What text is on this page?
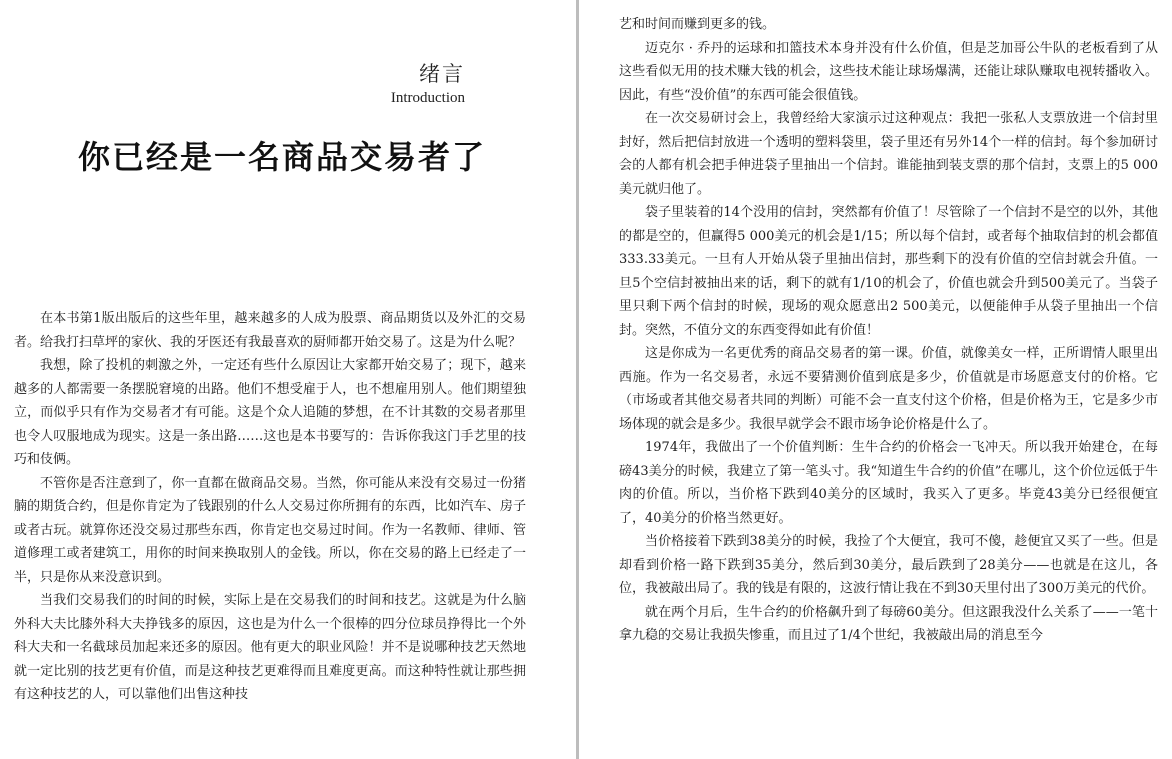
绪言
Introduction
你已经是一名商品交易者了

在本书第1版出版后的这些年里，越来越多的人成为股票、商品期货以及外汇的交易者。给我打扫草坪的家伙、我的牙医还有我最喜欢的厨师都开始交易了。这是为什么呢？

我想，除了投机的刺激之外，一定还有些什么原因让大家都开始交易了；现下，越来越多的人都需要一条摆脱窘境的出路。他们不想受雇于人，也不想雇用别人。他们期望独立，而似乎只有作为交易者才有可能。这是个众人追随的梦想，在不计其数的交易者那里也令人叹服地成为现实。这是一条出路……这也是本书要写的：告诉你我这门手艺里的技巧和伎俩。

不管你是否注意到了，你一直都在做商品交易。当然，你可能从来没有交易过一份猪腩的期货合约，但是你肯定为了钱跟别的什么人交易过你所拥有的东西，比如汽车、房子或者古玩。就算你还没交易过那些东西，你肯定也交易过时间。作为一名教师、律师、管道修理工或者建筑工，用你的时间来换取别人的金钱。所以，你在交易的路上已经走了一半，只是你从来没意识到。

当我们交易我们的时间的时候，实际上是在交易我们的时间和技艺。这就是为什么脑外科大夫比膝外科大夫挣钱多的原因，这也是为什么一个很棒的四分位球员挣得比一个外科大夫和一名截球员加起来还多的原因。他有更大的职业风险！并不是说哪种技艺天然地就一定比别的技艺更有价值，而是这种技艺更难得而且难度更高。而这种特性就让那些拥有这种技艺的人，可以靠他们出售这种技

艺和时间而赚到更多的钱。

迈克尔 · 乔丹的运球和扣篮技术本身并没有什么价值，但是芝加哥公牛队的老板看到了从这些看似无用的技术赚大钱的机会，这些技术能让球场爆满，还能让球队赚取电视转播收入。因此，有些“没价值”的东西可能会很值钱。

在一次交易研讨会上，我曾经给大家演示过这种观点：我把一张私人支票放进一个信封里封好，然后把信封放进一个透明的塑料袋里，袋子里还有另外14个一样的信封。每个参加研讨会的人都有机会把手伸进袋子里抽出一个信封。谁能抽到装支票的那个信封，支票上的5 000美元就归他了。

袋子里装着的14个没用的信封，突然都有价值了！尽管除了一个信封不是空的以外，其他的都是空的，但赢得5 000美元的机会是1/15；所以每个信封，或者每个抽取信封的机会都值333.33美元。一旦有人开始从袋子里抽出信封，那些剩下的没有价值的空信封就会升值。一旦5个空信封被抽出来的话，剩下的就有1/10的机会了，价值也就会升到500美元了。当袋子里只剩下两个信封的时候，现场的观众愿意出2 500美元，以便能伸手从袋子里抽出一个信封。突然，不值分文的东西变得如此有价值！

这是你成为一名更优秀的商品交易者的第一课。价值，就像美女一样，正所谓情人眼里出西施。作为一名交易者，永远不要猜测价值到底是多少，价值就是市场愿意支付的价格。它（市场或者其他交易者共同的判断）可能不会一直支付这个价格，但是价格为王，它是多少市场体现的就会是多少。我很早就学会不跟市场争论价格是什么了。

1974年，我做出了一个价值判断：生牛合约的价格会一飞冲天。所以我开始建仓，在每磅43美分的时候，我建立了第一笔头寸。我“知道生牛合约的价值”在哪儿，这个价位远低于牛肉的价值。所以，当价格下跌到40美分的区域时，我买入了更多。毕竟43美分已经很便宜了，40美分的价格当然更好。

当价格接着下跌到38美分的时候，我捡了个大便宜，我可不傻，趁便宜又买了一些。但是却看到价格一路下跌到35美分，然后到30美分，最后跌到了28美分——也就是在这儿，各位，我被敲出局了。我的钱是有限的，这波行情让我在不到30天里付出了300万美元的代价。

就在两个月后，生牛合约的价格飙升到了每磅60美分。但这跟我没什么关系了——一笔十拿九稳的交易让我损失惨重，而且过了1/4个世纪，我被敲出局的消息至今
